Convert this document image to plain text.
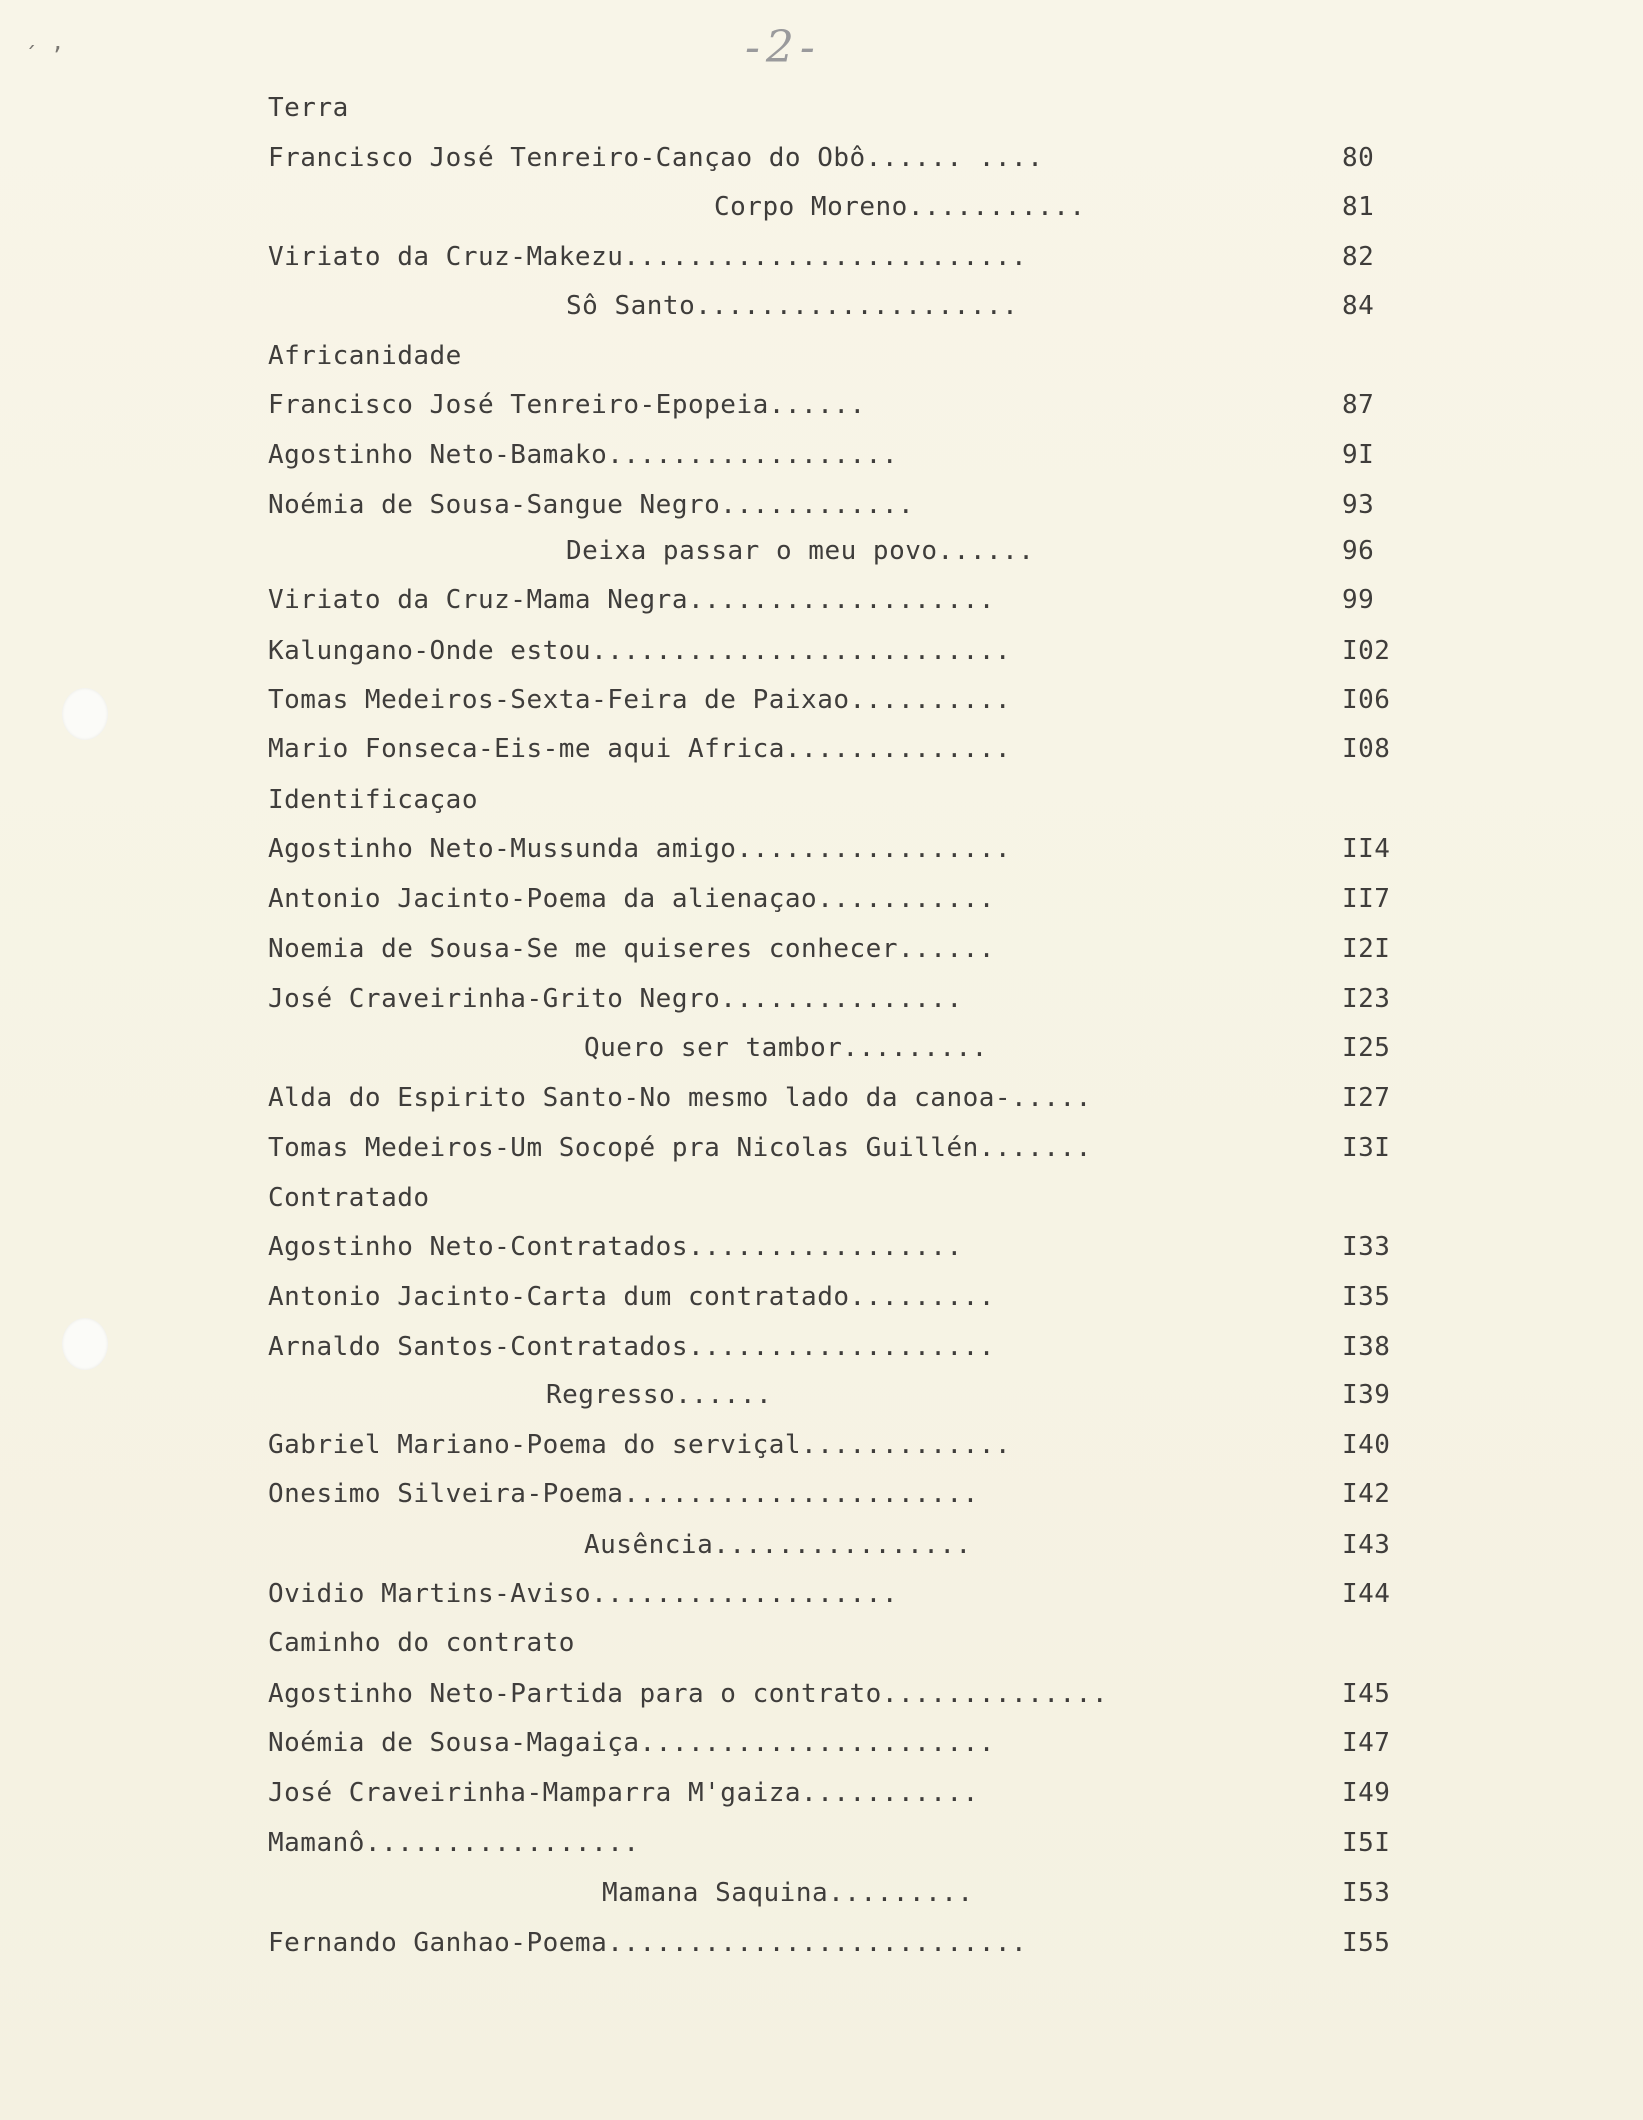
-2-
´ ’
Terra
Francisco José Tenreiro-Cançao do Obô...... ....	80
Corpo Moreno...........	81
Viriato da Cruz-Makezu.........................	82
Sô Santo....................	84
Africanidade
Francisco José Tenreiro-Epopeia......	87
Agostinho Neto-Bamako..................	9I
Noémia de Sousa-Sangue Negro............	93
Deixa passar o meu povo......	96
Viriato da Cruz-Mama Negra...................	99
Kalungano-Onde estou..........................	I02
Tomas Medeiros-Sexta-Feira de Paixao..........	I06
Mario Fonseca-Eis-me aqui Africa..............	I08
Identificaçao
Agostinho Neto-Mussunda amigo.................	II4
Antonio Jacinto-Poema da alienaçao...........	II7
Noemia de Sousa-Se me quiseres conhecer......	I2I
José Craveirinha-Grito Negro...............	I23
Quero ser tambor.........	I25
Alda do Espirito Santo-No mesmo lado da canoa-.....	I27
Tomas Medeiros-Um Socopé pra Nicolas Guillén.......	I3I
Contratado
Agostinho Neto-Contratados.................	I33
Antonio Jacinto-Carta dum contratado.........	I35
Arnaldo Santos-Contratados...................	I38
Regresso......	I39
Gabriel Mariano-Poema do serviçal.............	I40
Onesimo Silveira-Poema......................	I42
Ausência................	I43
Ovidio Martins-Aviso...................	I44
Caminho do contrato
Agostinho Neto-Partida para o contrato..............	I45
Noémia de Sousa-Magaiça......................	I47
José Craveirinha-Mamparra M'gaiza...........	I49
Mamanô.................	I5I
Mamana Saquina.........	I53
Fernando Ganhao-Poema..........................	I55
